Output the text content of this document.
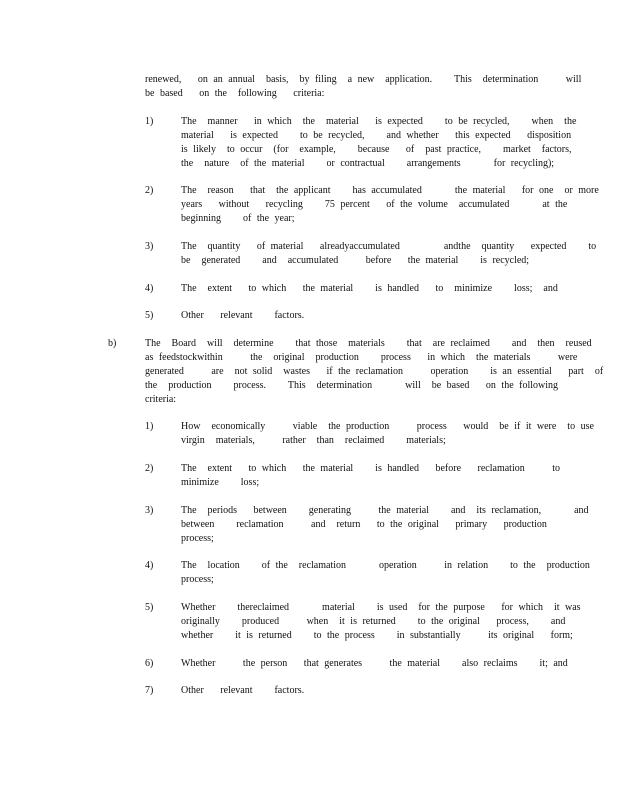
renewed,   on an annual  basis,  by filing  a new  application.    This  determination     will
be based   on the  following   criteria:
1)	The  manner   in which  the  material   is expected    to be recycled,    when  the
material   is expected    to be recycled,    and whether   this expected   disposition
is likely  to occur  (for  example,    because   of  past practice,    market  factors,
the  nature  of the material    or contractual    arrangements      for recycling);
2)	The  reason   that  the applicant    has accumulated      the material   for one  or more
years   without   recycling    75 percent   of the volume  accumulated      at the
beginning    of the year;
3)	The  quantity   of material   alreadyaccumulated        andthe  quantity   expected    to
be  generated    and  accumulated     before   the material    is recycled;
4)	The  extent   to which   the material    is handled   to  minimize    loss;  and
5)	Other   relevant    factors.
b)	The  Board  will  determine    that those  materials    that  are reclaimed    and  then  reused
as feedstockwithin     the  original  production    process   in which  the materials     were
generated     are  not solid  wastes   if the reclamation     operation    is an essential   part  of
the  production    process.    This  determination      will  be based   on the following
criteria:
1)	How  economically     viable  the production     process   would  be if it were  to use
virgin  materials,     rather  than  reclaimed    materials;
2)	The  extent   to which   the material    is handled   before   reclamation     to
minimize    loss;
3)	The  periods   between    generating     the material    and  its reclamation,      and
between    reclamation     and  return   to the original   primary   production
process;
4)	The  location    of the  reclamation      operation     in relation    to the  production
process;
5)	Whether    thereclaimed      material    is used  for the purpose   for which  it was
originally    produced     when  it is returned    to the original   process,    and
whether    it is returned    to the process    in substantially     its original   form;
6)	Whether     the person   that generates     the material    also reclaims    it; and
7)	Other   relevant    factors.
